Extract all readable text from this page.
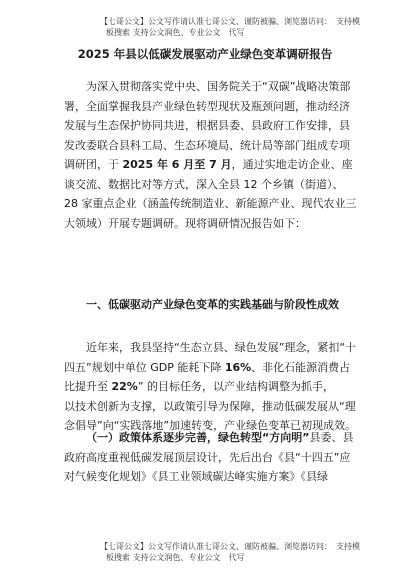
【七哥公文】公文写作请认准七哥公文、谨防被骗、浏览器访问：　支持模
板搜索 支持公文润色、专业公文　代写
2025 年县以低碳发展驱动产业绿色变革调研报告

为深入贯彻落实党中央、国务院关于“双碳”战略决策部署，全面掌握我县产业绿色转型现状及瓶颈问题，推动经济发展与生态保护协同共进，根据县委、县政府工作安排，县发改委联合县科工局、生态环境局、统计局等部门组成专项调研团，于 2025 年 6 月至 7 月，通过实地走访企业、座　谈交流、数据比对等方式，深入全县 12 个乡镇（街道）、

28 家重点企业（涵盖传统制造业、新能源产业、现代农业三 大领域）开展专题调研。现将调研情况报告如下：

一、低碳驱动产业绿色变革的实践基础与阶段性成效

近年来，我县坚持“生态立县、绿色发展”理念，紧扣“十四五”规划中单位 GDP 能耗下降 16%、非化石能源消费占比提升至 22%” 的目标任务，以产业结构调整为抓手，

以技术创新为支撑，以政策引导为保障，推动低碳发展从“理念倡导”向“实践落地”加速转变，产业绿色变革已初现成效。

（一）政策体系逐步完善，绿色转型“方向明”县委、县政府高度重视低碳发展顶层设计，先后出台《县“十四五”应对气候变化规划》《县工业领域碳达峰实施方案》《县绿

【七哥公文】公文写作请认准七哥公文、谨防被骗、浏览器访问：　支持模
板搜索 支持公文润色、专业公文　代写
